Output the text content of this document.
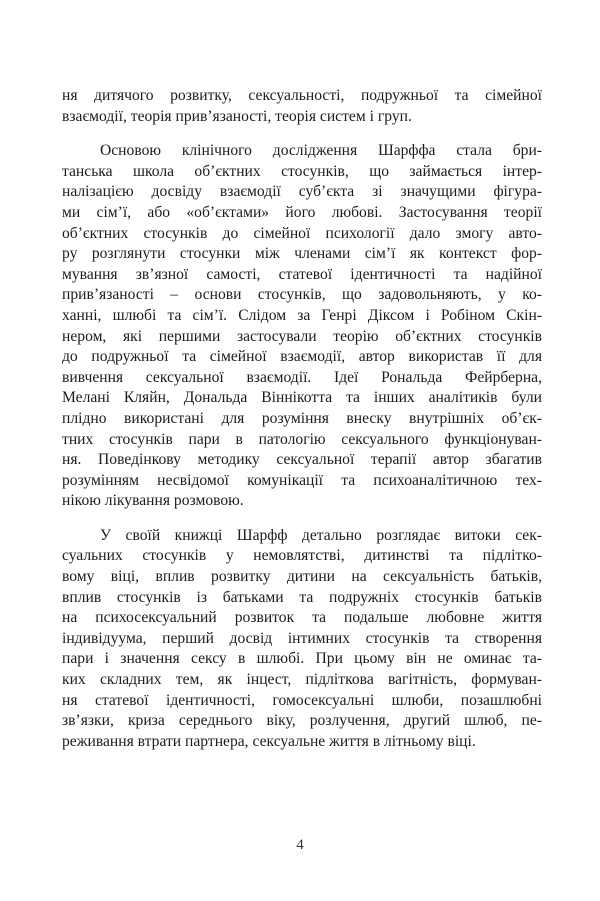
ня дитячого розвитку, сексуальності, подружньої та сімейної
взаємодії, теорія прив’язаності, теорія систем і груп.
Основою клінічного дослідження Шарффа стала бри-
танська школа об’єктних стосунків, що займається інтер-
налізацією досвіду взаємодії суб’єкта зі значущими фігура-
ми сім’ї, або «об’єктами» його любові. Застосування теорії
об’єктних стосунків до сімейної психології дало змогу авто-
ру розглянути стосунки між членами сім’ї як контекст фор-
мування зв’язної самості, статевої ідентичності та надійної
прив’язаності – основи стосунків, що задовольняють, у ко-
ханні, шлюбі та сім’ї. Слідом за Генрі Діксом і Робіном Скін-
нером, які першими застосували теорію об’єктних стосунків
до подружньої та сімейної взаємодії, автор використав її для
вивчення сексуальної взаємодії. Ідеї Рональда Фейрберна,
Мелані Кляйн, Дональда Віннікотта та інших аналітиків були
плідно використані для розуміння внеску внутрішніх об’єк-
тних стосунків пари в патологію сексуального функціонуван-
ня. Поведінкову методику сексуальної терапії автор збагатив
розумінням несвідомої комунікації та психоаналітичною тех-
нікою лікування розмовою.
У своїй книжці Шарфф детально розглядає витоки сек-
суальних стосунків у немовлятстві, дитинстві та підлітко-
вому віці, вплив розвитку дитини на сексуальність батьків,
вплив стосунків із батьками та подружніх стосунків батьків
на психосексуальний розвиток та подальше любовне життя
індивідуума, перший досвід інтимних стосунків та створення
пари і значення сексу в шлюбі. При цьому він не оминає та-
ких складних тем, як інцест, підліткова вагітність, формуван-
ня статевої ідентичності, гомосексуальні шлюби, позашлюбні
зв’язки, криза середнього віку, розлучення, другий шлюб, пе-
реживання втрати партнера, сексуальне життя в літньому віці.
4
